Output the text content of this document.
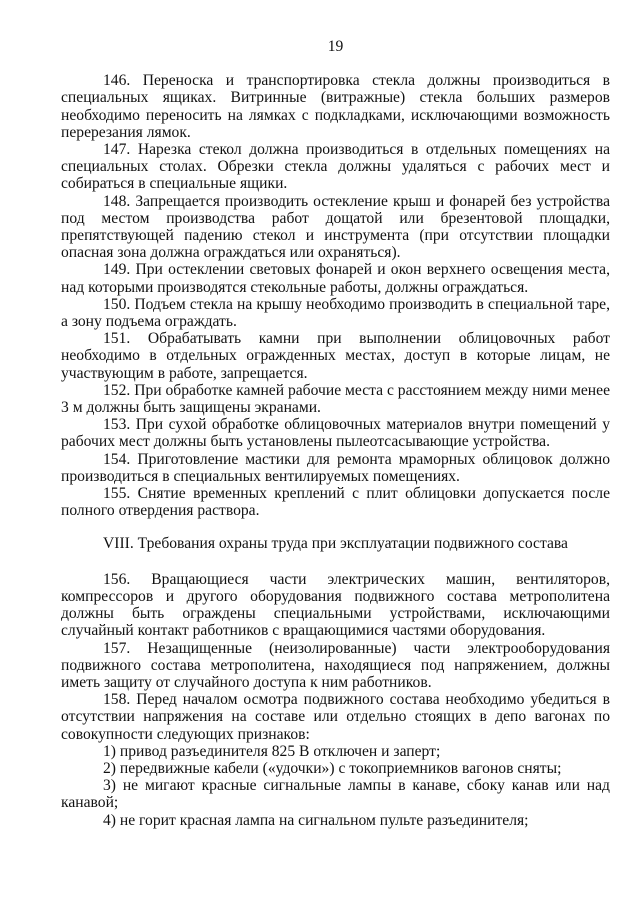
19

146. Переноска и транспортировка стекла должны производиться в специальных ящиках. Витринные (витражные) стекла больших размеров необходимо переносить на лямках с подкладками, исключающими возможность перерезания лямок.

147. Нарезка стекол должна производиться в отдельных помещениях на специальных столах. Обрезки стекла должны удаляться с рабочих мест и собираться в специальные ящики.

148. Запрещается производить остекление крыш и фонарей без устройства под местом производства работ дощатой или брезентовой площадки, препятствующей падению стекол и инструмента (при отсутствии площадки опасная зона должна ограждаться или охраняться).

149. При остеклении световых фонарей и окон верхнего освещения места, над которыми производятся стекольные работы, должны ограждаться.

150. Подъем стекла на крышу необходимо производить в специальной таре, а зону подъема ограждать.

151. Обрабатывать камни при выполнении облицовочных работ необходимо в отдельных огражденных местах, доступ в которые лицам, не участвующим в работе, запрещается.

152. При обработке камней рабочие места с расстоянием между ними менее 3 м должны быть защищены экранами.

153. При сухой обработке облицовочных материалов внутри помещений у рабочих мест должны быть установлены пылеотсасывающие устройства.

154. Приготовление мастики для ремонта мраморных облицовок должно производиться в специальных вентилируемых помещениях.

155. Снятие временных креплений с плит облицовки допускается после полного отвердения раствора.

VIII. Требования охраны труда при эксплуатации подвижного состава

156. Вращающиеся части электрических машин, вентиляторов, компрессоров и другого оборудования подвижного состава метрополитена должны быть ограждены специальными устройствами, исключающими случайный контакт работников с вращающимися частями оборудования.

157. Незащищенные (неизолированные) части электрооборудования подвижного состава метрополитена, находящиеся под напряжением, должны иметь защиту от случайного доступа к ним работников.

158. Перед началом осмотра подвижного состава необходимо убедиться в отсутствии напряжения на составе или отдельно стоящих в депо вагонах по совокупности следующих признаков:

1) привод разъединителя 825 В отключен и заперт;

2) передвижные кабели («удочки») с токоприемников вагонов сняты;

3) не мигают красные сигнальные лампы в канаве, сбоку канав или над канавой;

4) не горит красная лампа на сигнальном пульте разъединителя;
